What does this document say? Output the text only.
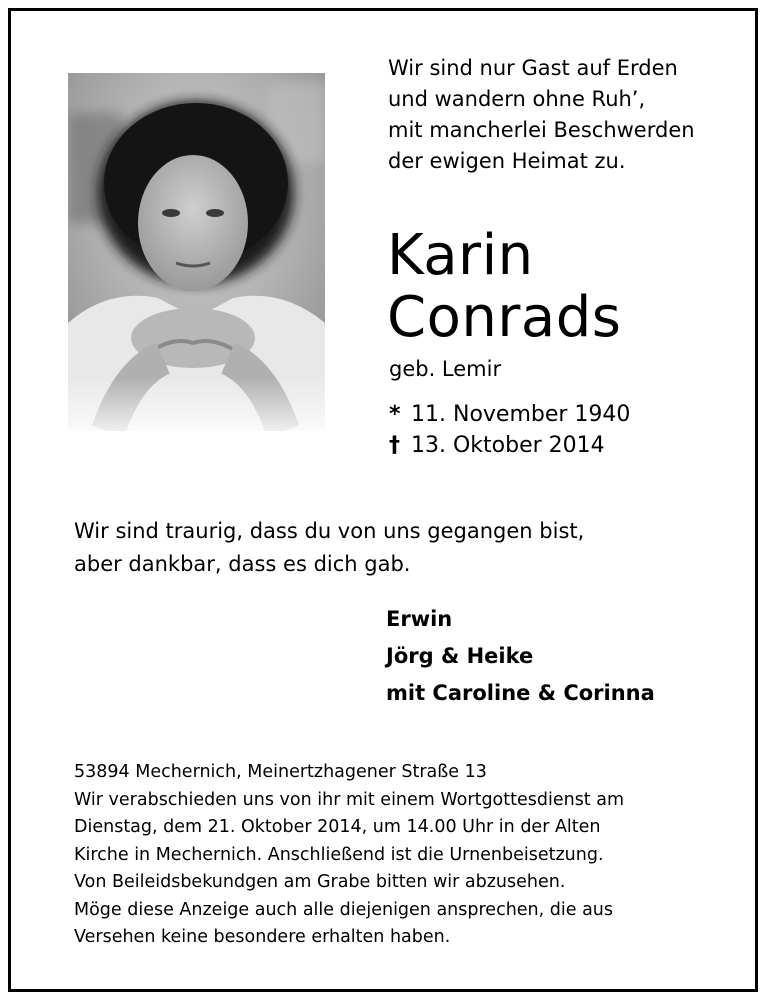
Wir sind nur Gast auf Erden
und wandern ohne Ruh’,
mit mancherlei Beschwerden
der ewigen Heimat zu.
Karin
Conrads
geb. Lemir
* 11. November 1940
† 13. Oktober 2014
Wir sind traurig, dass du von uns gegangen bist,
aber dankbar, dass es dich gab.
Erwin
Jörg & Heike
mit Caroline & Corinna
53894 Mechernich, Meinertzhagener Straße 13
Wir verabschieden uns von ihr mit einem Wortgottesdienst am
Dienstag, dem 21. Oktober 2014, um 14.00 Uhr in der Alten
Kirche in Mechernich. Anschließend ist die Urnenbeisetzung.
Von Beileidsbekundgen am Grabe bitten wir abzusehen.
Möge diese Anzeige auch alle diejenigen ansprechen, die aus
Versehen keine besondere erhalten haben.
